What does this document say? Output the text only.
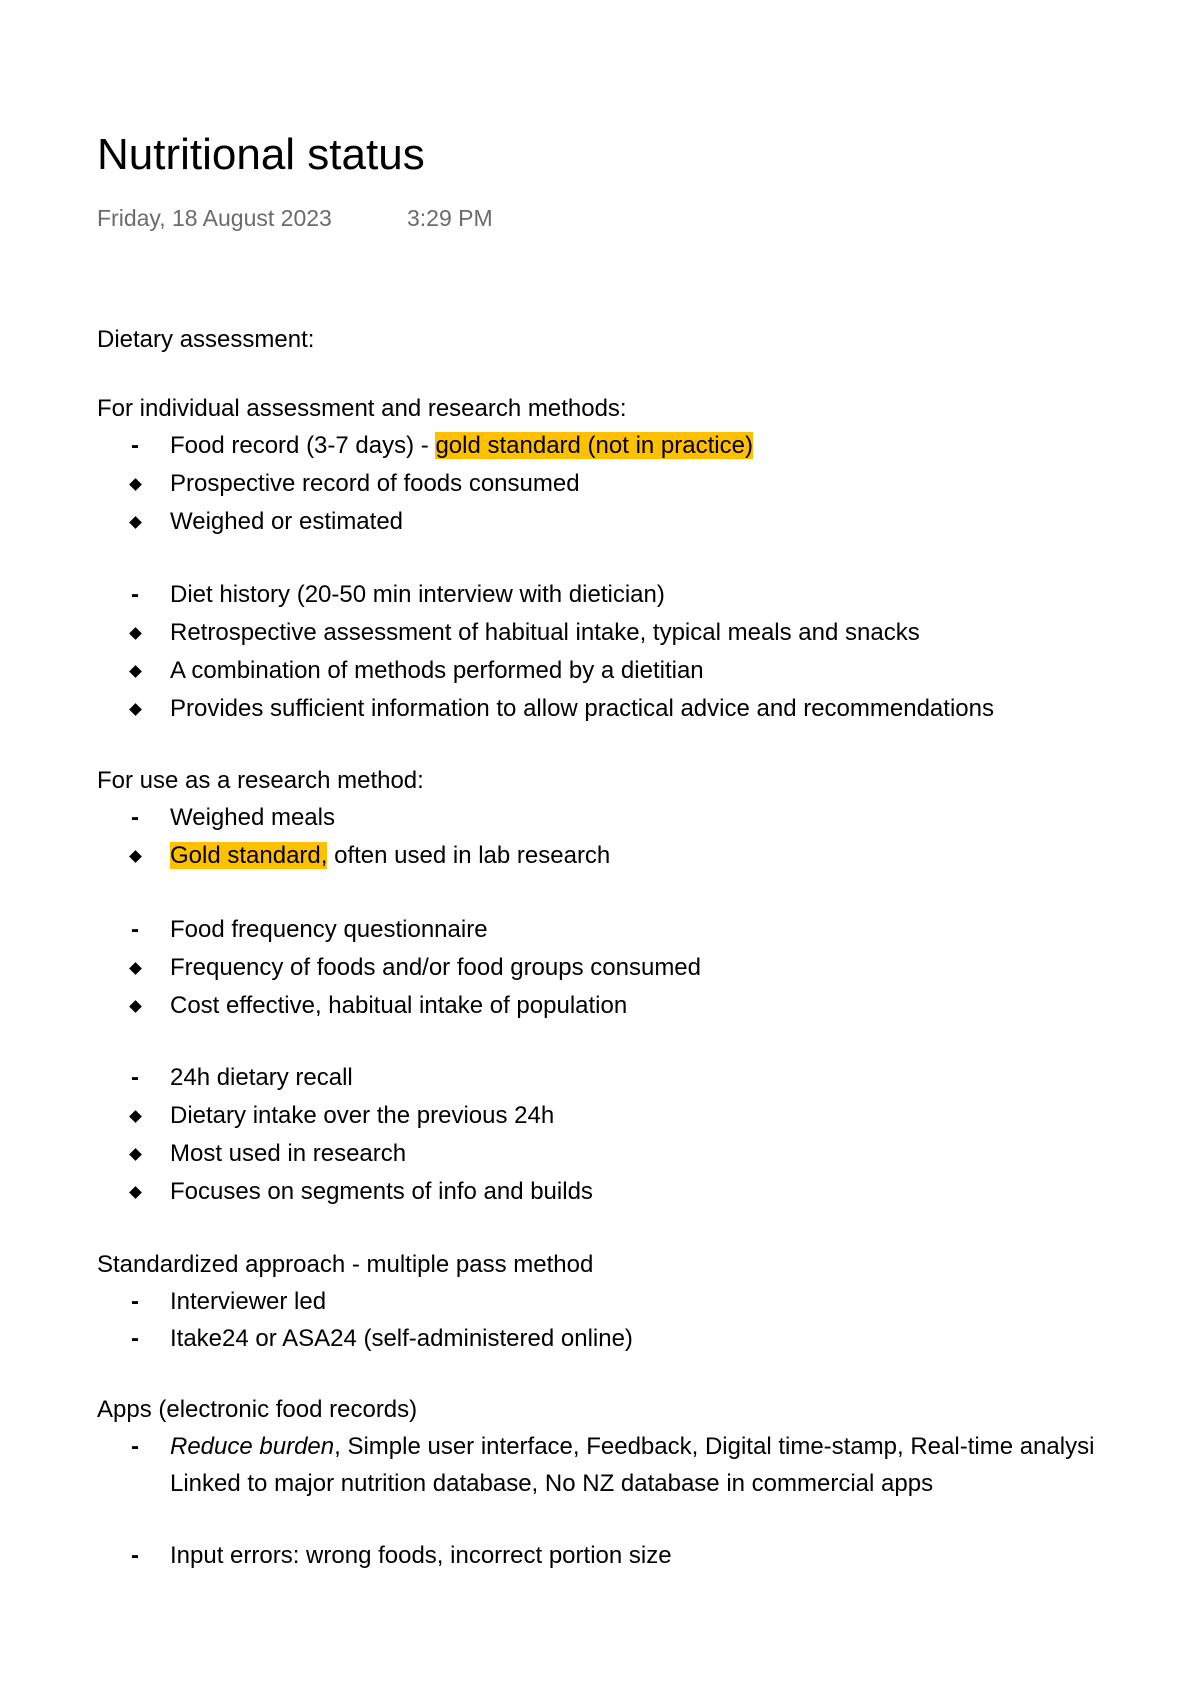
Nutritional status
Friday, 18 August 2023	3:29 PM
Dietary assessment:
For individual assessment and research methods:
- Food record (3-7 days) - gold standard (not in practice)
Prospective record of foods consumed
Weighed or estimated
- Diet history (20-50 min interview with dietician)
Retrospective assessment of habitual intake, typical meals and snacks
A combination of methods performed by a dietitian
Provides sufficient information to allow practical advice and recommendations
For use as a research method:
- Weighed meals
Gold standard, often used in lab research
- Food frequency questionnaire
Frequency of foods and/or food groups consumed
Cost effective, habitual intake of population
- 24h dietary recall
Dietary intake over the previous 24h
Most used in research
Focuses on segments of info and builds
Standardized approach - multiple pass method
- Interviewer led
- Itake24 or ASA24 (self-administered online)
Apps (electronic food records)
- Reduce burden, Simple user interface, Feedback, Digital time-stamp, Real-time analysi
Linked to major nutrition database, No NZ database in commercial apps
- Input errors: wrong foods, incorrect portion size
